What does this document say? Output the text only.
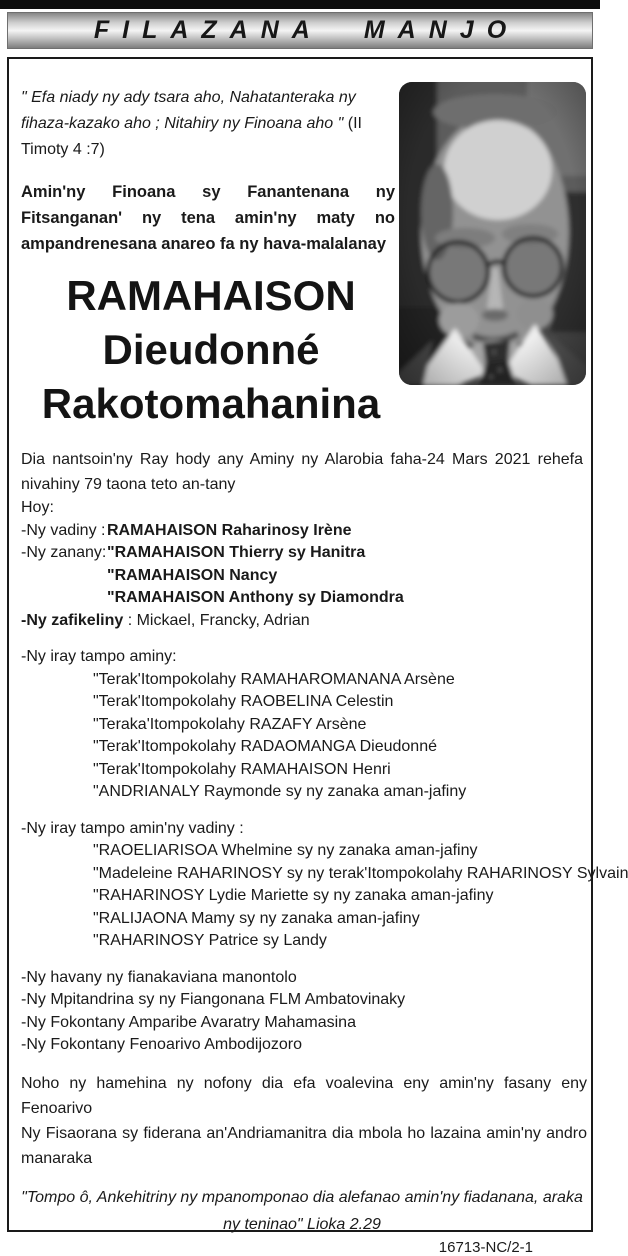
FILAZANA MANJO

" Efa niady ny ady tsara aho, Nahatanteraka ny fihaza-kazako aho ; Nitahiry ny Finoana aho " (II Timoty 4 :7)

Amin'ny Finoana sy Fanantenana ny Fitsanganan' ny tena amin'ny maty no ampandrenesana anareo fa ny hava-malalanay

RAMAHAISON
Dieudonné
Rakotomahanina

Dia nantsoin'ny Ray hody any Aminy ny Alarobia faha-24 Mars 2021 rehefa nivahiny 79 taona teto an-tany

Hoy:
-Ny vadiny :RAMAHAISON Raharinosy Irène
-Ny zanany:"RAMAHAISON Thierry sy Hanitra
"RAMAHAISON Nancy
"RAMAHAISON Anthony sy Diamondra
-Ny zafikeliny : Mickael, Francky, Adrian
-Ny iray tampo aminy:
"Terak'Itompokolahy RAMAHAROMANANA Arsène
"Terak'Itompokolahy RAOBELINA Celestin
"Teraka'Itompokolahy RAZAFY Arsène
"Terak'Itompokolahy RADAOMANGA Dieudonné
"Terak'Itompokolahy RAMAHAISON Henri
"ANDRIANALY Raymonde sy ny zanaka aman-jafiny
-Ny iray tampo amin'ny vadiny :
"RAOELIARISOA Whelmine sy ny zanaka aman-jafiny
"Madeleine RAHARINOSY sy ny terak'Itompokolahy RAHARINOSY Sylvain
"RAHARINOSY Lydie Mariette sy ny zanaka aman-jafiny
"RALIJAONA Mamy sy ny zanaka aman-jafiny
"RAHARINOSY Patrice sy Landy
-Ny havany ny fianakaviana manontolo
-Ny Mpitandrina sy ny Fiangonana FLM Ambatovinaky
-Ny Fokontany Amparibe Avaratry Mahamasina
-Ny Fokontany Fenoarivo Ambodijozoro

Noho ny hamehina ny nofony dia efa voalevina eny amin'ny fasany eny Fenoarivo

Ny Fisaorana sy fiderana an'Andriamanitra dia mbola ho lazaina amin'ny andro manaraka

"Tompo ô, Ankehitriny ny mpanomponao dia alefanao amin'ny fiadanana, araka ny teninao" Lioka 2.29

16713-NC/2-1
